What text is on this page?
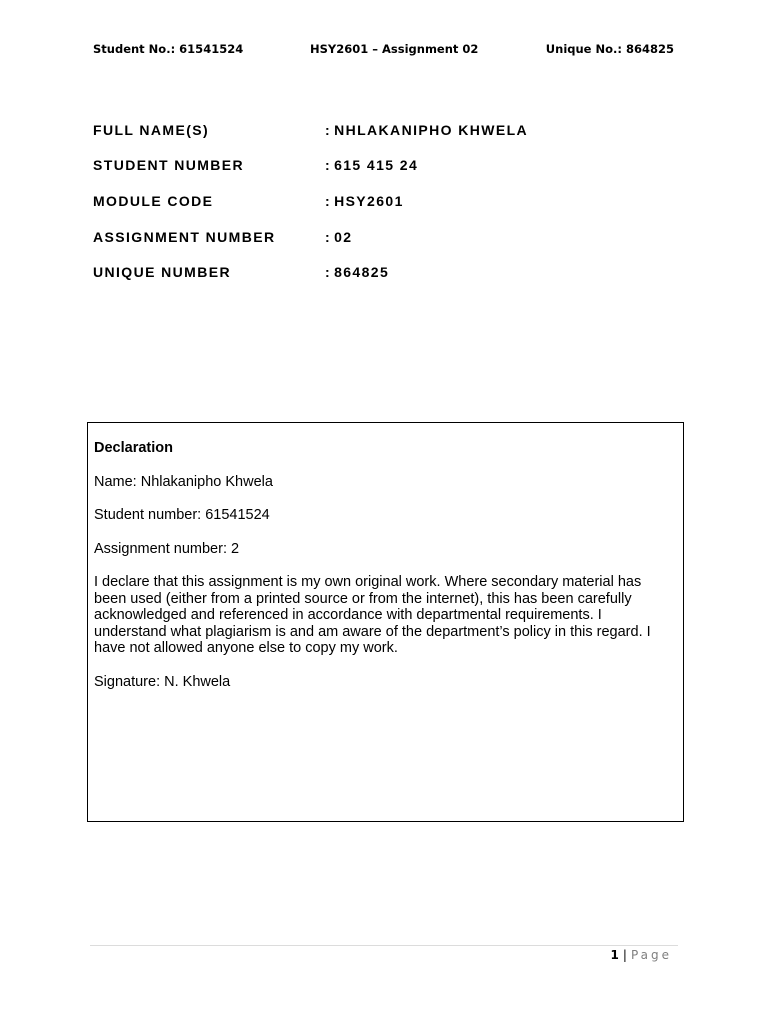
Student No.: 61541524	HSY2601 – Assignment 02	Unique No.: 864825
FULL NAME(S)	: NHLAKANIPHO KHWELA
STUDENT NUMBER	: 615 415 24
MODULE CODE	: HSY2601
ASSIGNMENT NUMBER	: 02
UNIQUE NUMBER	: 864825

Declaration

Name: Nhlakanipho Khwela

Student number: 61541524

Assignment number: 2

I declare that this assignment is my own original work. Where secondary material has been used (either from a printed source or from the internet), this has been carefully acknowledged and referenced in accordance with departmental requirements. I understand what plagiarism is and am aware of the department’s policy in this regard. I have not allowed anyone else to copy my work.

Signature: N. Khwela

1 | Page
